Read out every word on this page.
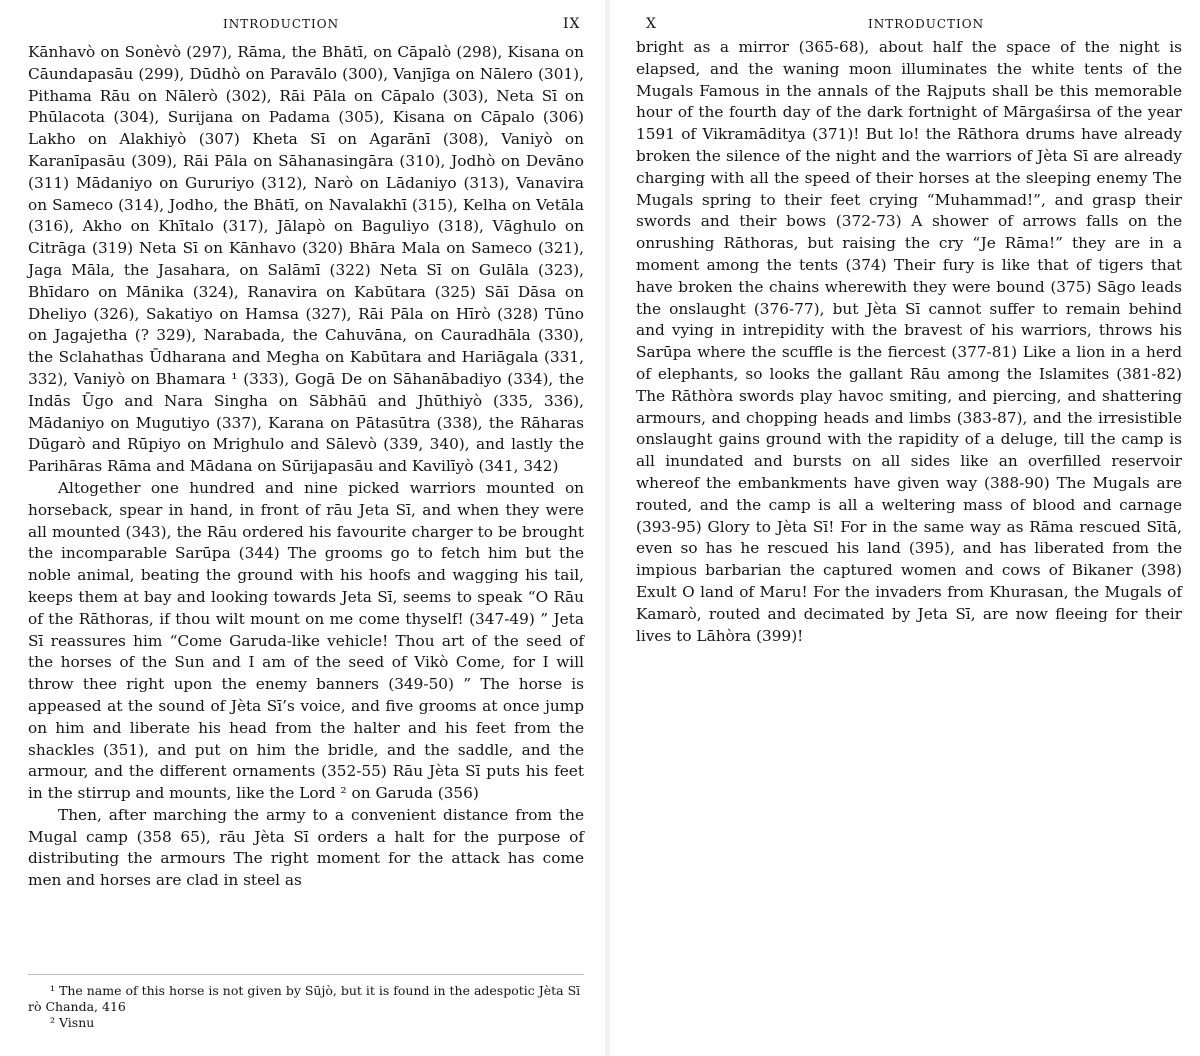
INTRODUCTION	IX

Kānhavò on Sonèvò (297), Rāma, the Bhātī, on Cāpalò (298), Kisana on Cāundapasāu (299), Dūdhò on Paravālo (300), Vanjīga on Nālero (301), Pithama Rāu on Nālerò (302), Rāi Pāla on Cāpalo (303), Neta Sī on Phūlacota (304), Surijana on Padama (305), Kisana on Cāpalo (306) Lakho on Alakhiyò (307) Kheta Sī on Agarānī (308), Vaniyò on Karanīpasāu (309), Rāi Pāla on Sāhanasingāra (310), Jodhò on Devāno (311) Mādaniyo on Gururiyo (312), Narò on Lādaniyo (313), Vanavira on Sameco (314), Jodho, the Bhātī, on Navalakhī (315), Kelha on Vetāla (316), Akho on Khītalo (317), Jālapò on Baguliyo (318), Vāghulo on Citrāga (319) Neta Sī on Kānhavo (320) Bhāra Mala on Sameco (321), Jaga Māla, the Jasahara, on Salāmī (322) Neta Sī on Gulāla (323), Bhīdaro on Mānika (324), Ranavira on Kabūtara (325) Sāī Dāsa on Dheliyo (326), Sakatiyo on Hamsa (327), Rāi Pāla on Hīrò (328) Tūno on Jagajetha (? 329), Narabada, the Cahuvāna, on Cauradhāla (330), the Sclahathas Ūdharana and Megha on Kabūtara and Hariāgala (331, 332), Vaniyò on Bhamara ¹ (333), Gogā De on Sāhanābadiyo (334), the Indās Ūgo and Nara Singha on Sābhāū and Jhūthiyò (335, 336), Mādaniyo on Mugutiyo (337), Karana on Pātasūtra (338), the Rāharas Dūgarò and Rūpiyo on Mrighulo and Sālevò (339, 340), and lastly the Parihāras Rāma and Mādana on Sūrijapasāu and Kavilīyò (341, 342)

Altogether one hundred and nine picked warriors mounted on horseback, spear in hand, in front of rāu Jeta Sī, and when they were all mounted (343), the Rāu ordered his favourite charger to be brought the incomparable Sarūpa (344) The grooms go to fetch him but the noble animal, beating the ground with his hoofs and wagging his tail, keeps them at bay and looking towards Jeta Sī, seems to speak “O Rāu of the Rāthoras, if thou wilt mount on me come thyself! (347-49) ” Jeta Sī reassures him “Come Garuda-like vehicle! Thou art of the seed of the horses of the Sun and I am of the seed of Vikò Come, for I will throw thee right upon the enemy banners (349-50) ” The horse is appeased at the sound of Jèta Sī’s voice, and five grooms at once jump on him and liberate his head from the halter and his feet from the shackles (351), and put on him the bridle, and the saddle, and the armour, and the different ornaments (352-55) Rāu Jèta Sī puts his feet in the stirrup and mounts, like the Lord ² on Garuda (356)

Then, after marching the army to a convenient distance from the Mugal camp (358 65), rāu Jèta Sī orders a halt for the purpose of distributing the armours The right moment for the attack has come men and horses are clad in steel as

¹ The name of this horse is not given by Sūjò, but it is found in the adespotic Jèta Sī rò Chanda, 416

² Visnu

X	INTRODUCTION

bright as a mirror (365-68), about half the space of the night is elapsed, and the waning moon illuminates the white tents of the Mugals Famous in the annals of the Rajputs shall be this memorable hour of the fourth day of the dark fortnight of Mārgaśirsa of the year 1591 of Vikramāditya (371)! But lo! the Rāthora drums have already broken the silence of the night and the warriors of Jèta Sī are already charging with all the speed of their horses at the sleeping enemy The Mugals spring to their feet crying “Muhammad!”, and grasp their swords and their bows (372-73) A shower of arrows falls on the onrushing Rāthoras, but raising the cry “Je Rāma!” they are in a moment among the tents (374) Their fury is like that of tigers that have broken the chains wherewith they were bound (375) Sāgo leads the onslaught (376-77), but Jèta Sī cannot suffer to remain behind and vying in intrepidity with the bravest of his warriors, throws his Sarūpa where the scuffle is the fiercest (377-81) Like a lion in a herd of elephants, so looks the gallant Rāu among the Islamites (381-82) The Rāthòra swords play havoc smiting, and piercing, and shattering armours, and chopping heads and limbs (383-87), and the irresistible onslaught gains ground with the rapidity of a deluge, till the camp is all inundated and bursts on all sides like an overfilled reservoir whereof the embankments have given way (388-90) The Mugals are routed, and the camp is all a weltering mass of blood and carnage (393-95) Glory to Jèta Sī! For in the same way as Rāma rescued Sītā, even so has he rescued his land (395), and has liberated from the impious barbarian the captured women and cows of Bikaner (398) Exult O land of Maru! For the invaders from Khurasan, the Mugals of Kamarò, routed and decimated by Jeta Sī, are now fleeing for their lives to Lāhòra (399)!
